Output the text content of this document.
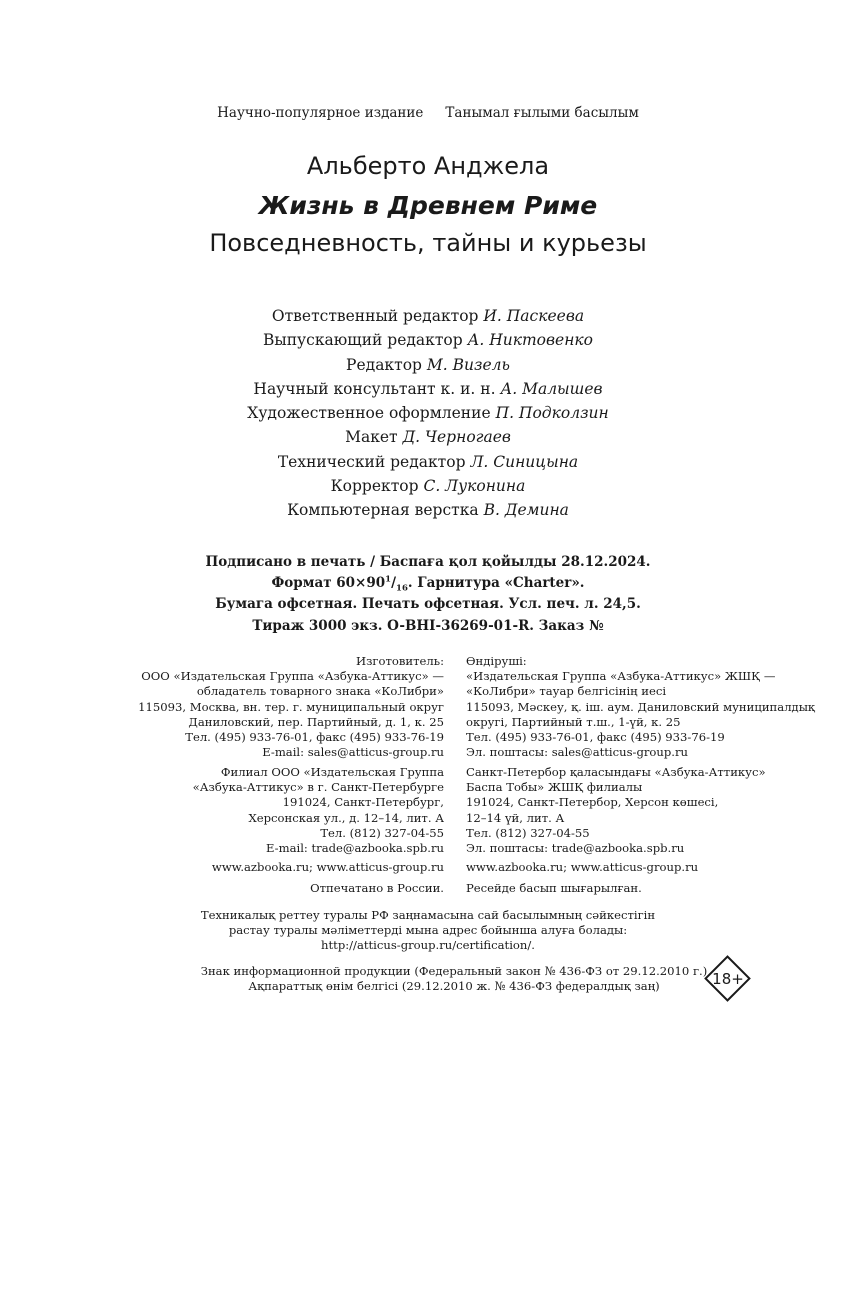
Научно-популярное издание Танымал ғылыми басылым
Альберто Анджела
Жизнь в Древнем Риме
Повседневность, тайны и курьезы
Ответственный редактор И. Паскеева
Выпускающий редактор А. Никтовенко
Редактор М. Визель
Научный консультант к. и. н. А. Малышев
Художественное оформление П. Подколзин
Макет Д. Черногаев
Технический редактор Л. Синицына
Корректор С. Луконина
Компьютерная верстка В. Демина
Подписано в печать / Баспаға қол қойылды 28.12.2024.
Формат $60\times 90^1/_{16}$. Гарнитура «Charter».
Бумага офсетная. Печать офсетная. Усл. печ. л. 24,5.
Тираж 3000 экз. O-BHI-36269-01-R. Заказ №
Изготовитель:
ООО «Издательская Группа «Азбука-Аттикус» —
обладатель товарного знака «КоЛибри»
115093, Москва, вн. тер. г. муниципальный округ
Даниловский, пер. Партийный, д. 1, к. 25
Тел. (495) 933-76-01, факс (495) 933-76-19
E-mail: sales@atticus-group.ru
Өндіруші:
«Издательская Группа «Азбука-Аттикус» ЖШҚ —
«КоЛибри» тауар белгісінің иесі
115093, Мәскеу, қ. іш. аум. Даниловский муниципалдық
округі, Партийный т.ш., 1-үй, к. 25
Тел. (495) 933-76-01, факс (495) 933-76-19
Эл. поштасы: sales@atticus-group.ru
Филиал ООО «Издательская Группа
«Азбука-Аттикус» в г. Санкт-Петербурге
191024, Санкт-Петербург,
Херсонская ул., д. 12–14, лит. А
Тел. (812) 327-04-55
E-mail: trade@azbooka.spb.ru
Санкт-Петербор қаласындағы «Азбука-Аттикус»
Баспа Тобы» ЖШҚ филиалы
191024, Санкт-Петербор, Херсон көшесі,
12–14 үй, лит. А
Тел. (812) 327-04-55
Эл. поштасы: trade@azbooka.spb.ru
www.azbooka.ru; www.atticus-group.ru www.azbooka.ru; www.atticus-group.ru
Отпечатано в России. Ресейде басып шығарылған.
Техникалық реттеу туралы РФ заңнамасына сай басылымның сәйкестігін
растау туралы мәліметтерді мына адрес бойынша алуға болады:
http://atticus-group.ru/certification/.
Знак информационной продукции (Федеральный закон № 436-ФЗ от 29.12.2010 г.)
Ақпараттық өнім белгісі (29.12.2010 ж. № 436-ФЗ федералдық заң)	18+
